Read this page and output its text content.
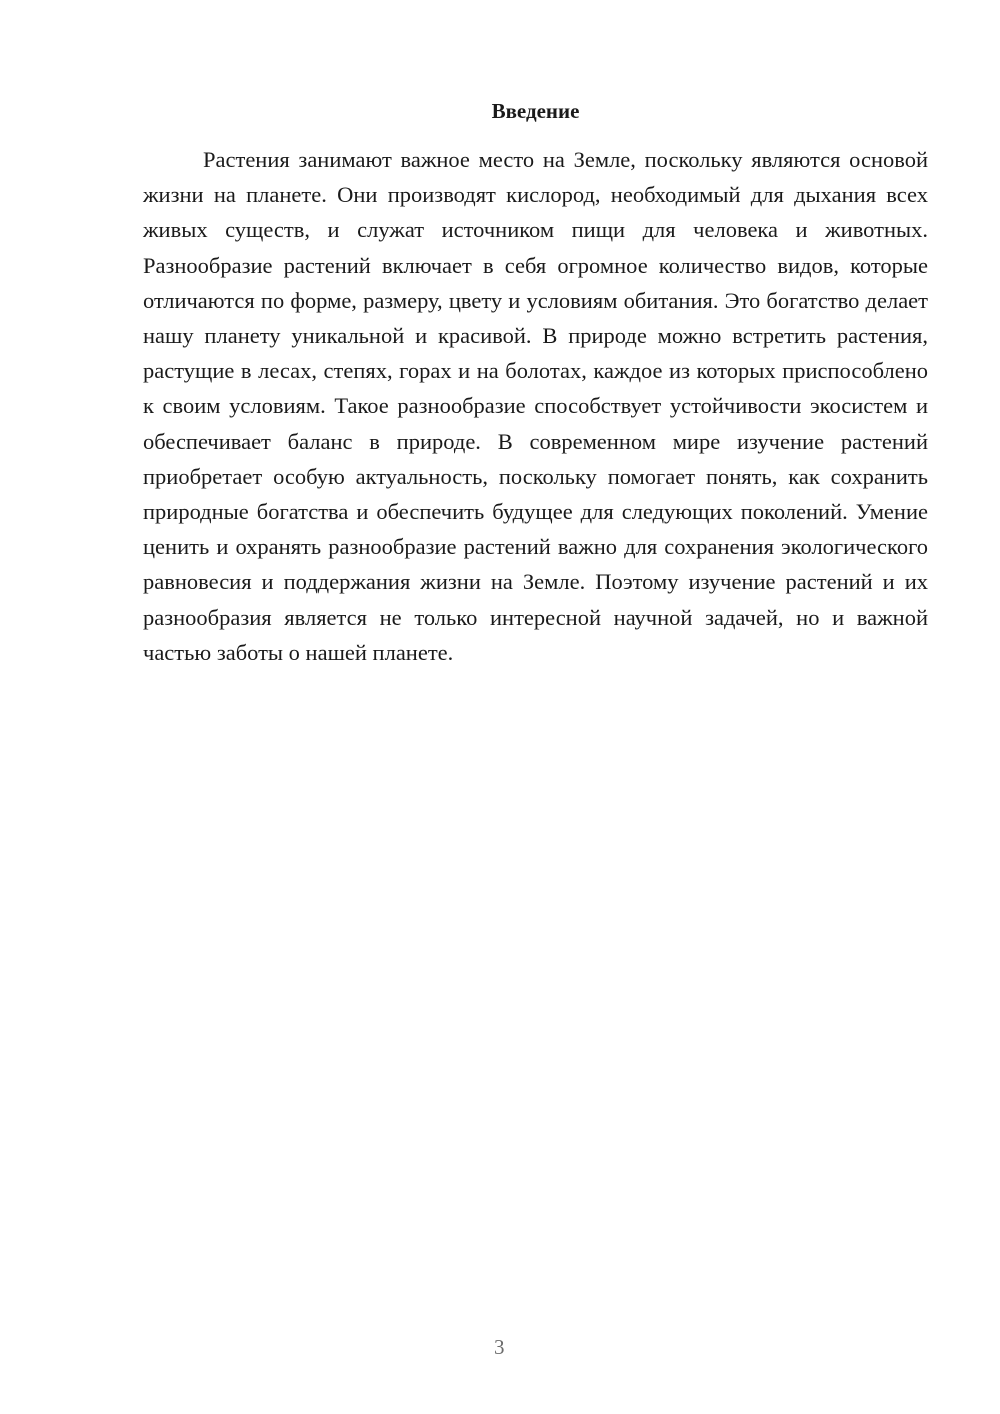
Введение

Растения занимают важное место на Земле, поскольку являются основой жизни на планете. Они производят кислород, необходимый для дыхания всех живых существ, и служат источником пищи для человека и животных. Разнообразие растений включает в себя огромное количество видов, которые отличаются по форме, размеру, цвету и условиям обитания. Это богатство делает нашу планету уникальной и красивой. В природе можно встретить растения, растущие в лесах, степях, горах и на болотах, каждое из которых приспособлено к своим условиям. Такое разнообразие способствует устойчивости экосистем и обеспечивает баланс в природе. В современном мире изучение растений приобретает особую актуальность, поскольку помогает понять, как сохранить природные богатства и обеспечить будущее для следующих поколений. Умение ценить и охранять разнообразие растений важно для сохранения экологического равновесия и поддержания жизни на Земле. Поэтому изучение растений и их разнообразия является не только интересной научной задачей, но и важной частью заботы о нашей планете.

3
